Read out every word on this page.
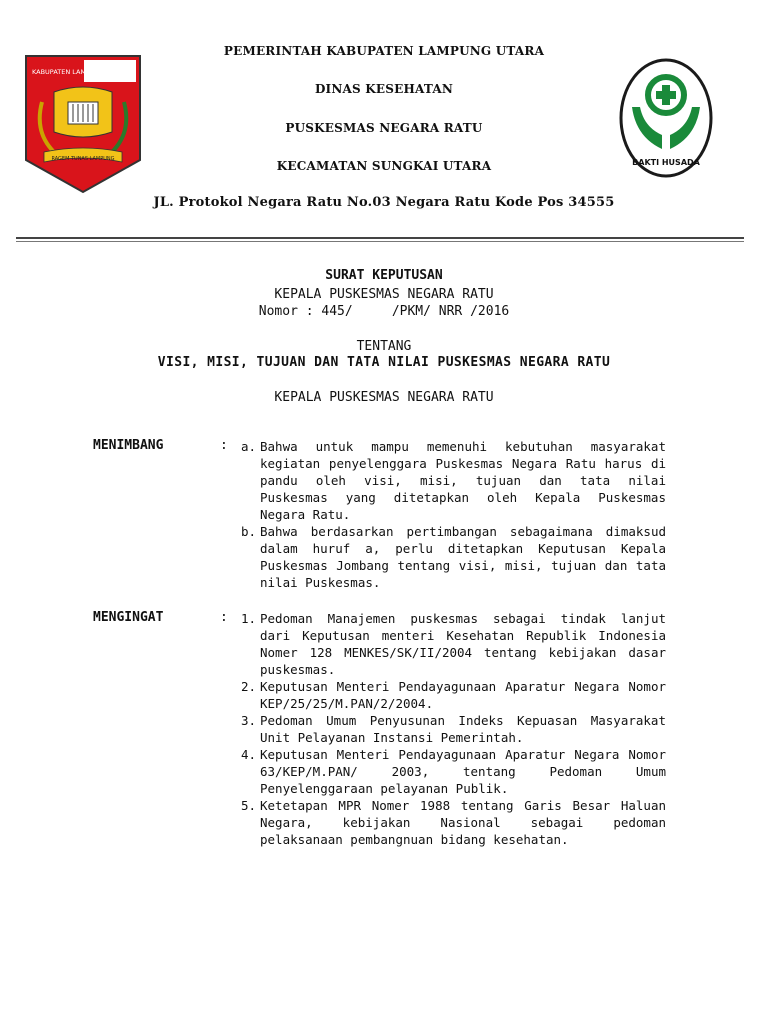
KABUPATEN LAMPUNG UTARA
RAGEM TUNAS LAMPUNG	BAKTI HUSADA
PEMERINTAH KABUPATEN LAMPUNG UTARA
DINAS KESEHATAN
PUSKESMAS NEGARA RATU
KECAMATAN SUNGKAI UTARA
JL. Protokol Negara Ratu No.03 Negara Ratu Kode Pos 34555
SURAT KEPUTUSAN
KEPALA PUSKESMAS NEGARA RATU
Nomor : 445/     /PKM/ NRR /2016
TENTANG
VISI, MISI, TUJUAN DAN TATA NILAI PUSKESMAS NEGARA RATU
KEPALA PUSKESMAS NEGARA RATU
MENIMBANG	:	a. Bahwa untuk mampu memenuhi kebutuhan masyarakat kegiatan penyelenggara Puskesmas Negara Ratu harus di pandu oleh visi, misi, tujuan dan tata nilai Puskesmas yang ditetapkan oleh Kepala Puskesmas Negara Ratu.
b. Bahwa berdasarkan pertimbangan sebagaimana dimaksud dalam huruf a, perlu ditetapkan Keputusan Kepala Puskesmas Jombang tentang visi, misi, tujuan dan tata nilai Puskesmas.
MENGINGAT	:	1. Pedoman Manajemen puskesmas sebagai tindak lanjut dari Keputusan menteri Kesehatan Republik Indonesia Nomer 128 MENKES/SK/II/2004 tentang kebijakan dasar puskesmas.
2. Keputusan Menteri Pendayagunaan Aparatur Negara Nomor KEP/25/25/M.PAN/2/2004.
3. Pedoman Umum Penyusunan Indeks Kepuasan Masyarakat Unit Pelayanan Instansi Pemerintah.
4. Keputusan Menteri Pendayagunaan Aparatur Negara Nomor 63/KEP/M.PAN/ 2003, tentang Pedoman Umum Penyelenggaraan pelayanan Publik.
5. Ketetapan MPR Nomer 1988 tentang Garis Besar Haluan Negara, kebijakan Nasional sebagai pedoman pelaksanaan pembangnuan bidang kesehatan.
